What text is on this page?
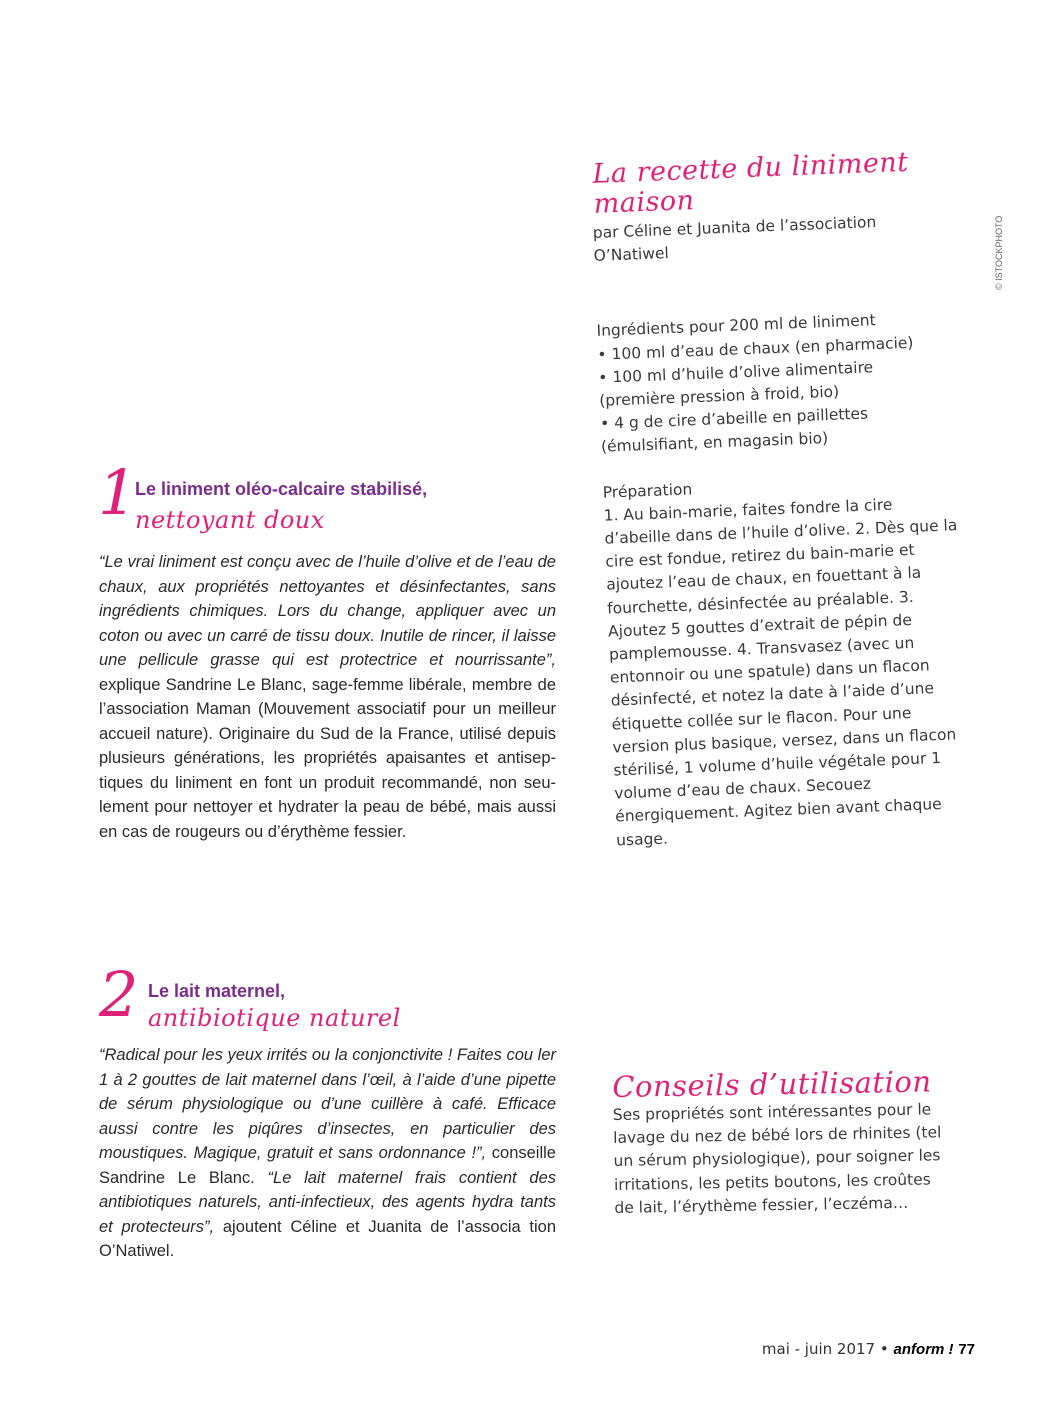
© ISTOCKPHOTO
La recette du liniment maison

par Céline et Juanita de l’association O’Natiwel

Ingrédients pour 200 ml de liniment

• 100 ml d’eau de chaux (en pharmacie)

• 100 ml d’huile d’olive alimentaire (première pression à froid, bio)

• 4 g de cire d’abeille en paillettes (émulsifiant, en magasin bio)

Préparation

1. Au bain-marie, faites fondre la cire d’abeille dans de l’huile d’olive. 2. Dès que la cire est fondue, retirez du bain-marie et ajoutez l’eau de chaux, en fouettant à la fourchette, désinfectée au préalable. 3. Ajoutez 5 gouttes d’extrait de pépin de pamplemousse. 4. Transvasez (avec un entonnoir ou une spatule) dans un flacon désinfecté, et notez la date à l’aide d’une étiquette collée sur le flacon. Pour une version plus basique, versez, dans un flacon stérilisé, 1 volume d’huile végétale pour 1 volume d’eau de chaux. Secouez énergiquement. Agitez bien avant chaque usage.

1
Le liniment oléo-calcaire stabilisé,
nettoyant doux
“Le vrai liniment est conçu avec de l’huile d’olive et de l’eau de chaux, aux propriétés nettoyantes et désinfectantes, sans ingrédients chimiques. Lors du change, appliquer avec un coton ou avec un carré de tissu doux. Inutile de rincer, il laisse une pellicule grasse qui est protectrice et nourrissante”, explique Sandrine Le Blanc, sage-femme libérale, membre de l’association Maman (Mouvement associatif pour un meilleur accueil nature). Originaire du Sud de la France, utilisé depuis plusieurs générations, les propriétés apaisantes et antisep-tiques du liniment en font un produit recommandé, non seu-lement pour nettoyer et hydrater la peau de bébé, mais aussi en cas de rougeurs ou d’érythème fessier.
2 Le lait maternel,
antibiotique naturel
“Radical pour les yeux irrités ou la conjonctivite ! Faites cou ler 1 à 2 gouttes de lait maternel dans l’œil, à l’aide d’une pipette de sérum physiologique ou d’une cuillère à café. Efficace aussi contre les piqûres d’insectes, en particulier des moustiques. Magique, gratuit et sans ordonnance !”, conseille Sandrine Le Blanc. “Le lait maternel frais contient des antibiotiques naturels, anti-infectieux, des agents hydra tants et protecteurs”, ajoutent Céline et Juanita de l’associa tion O’Natiwel.
Conseils d’utilisation

Ses propriétés sont intéressantes pour le lavage du nez de bébé lors de rhinites (tel un sérum physiologique), pour soigner les irritations, les petits boutons, les croûtes de lait, l’érythème fessier, l’eczéma…

mai - juin 2017 • anform ! 77
